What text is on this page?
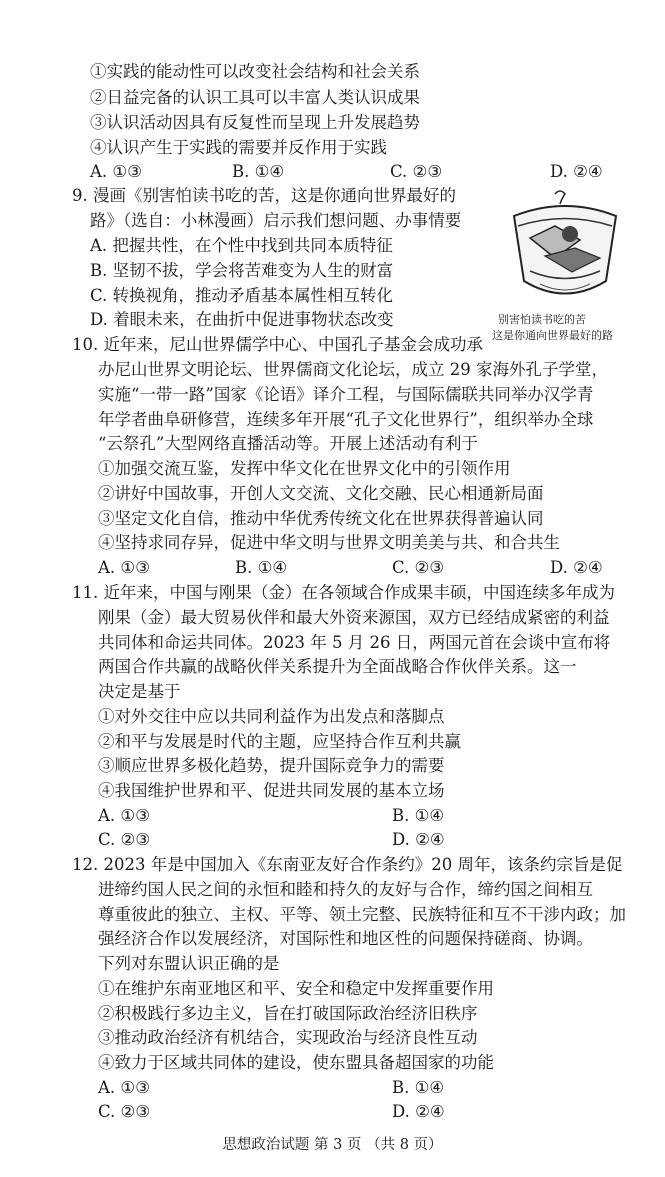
①实践的能动性可以改变社会结构和社会关系
②日益完备的认识工具可以丰富人类认识成果
③认识活动因具有反复性而呈现上升发展趋势
④认识产生于实践的需要并反作用于实践
A. ①③	B. ①④	C. ②③	D. ②④
9. 漫画《别害怕读书吃的苦，这是你通向世界最好的
路》（选自：小林漫画）启示我们想问题、办事情要
A. 把握共性，在个性中找到共同本质特征
B. 坚韧不拔，学会将苦难变为人生的财富
C. 转换视角，推动矛盾基本属性相互转化
D. 着眼未来，在曲折中促进事物状态改变	别害怕读书吃的苦
这是你通向世界最好的路
10. 近年来，尼山世界儒学中心、中国孔子基金会成功承
办尼山世界文明论坛、世界儒商文化论坛，成立 29 家海外孔子学堂，
实施“一带一路”国家《论语》译介工程，与国际儒联共同举办汉学青
年学者曲阜研修营，连续多年开展“孔子文化世界行”，组织举办全球
“云祭孔”大型网络直播活动等。开展上述活动有利于
①加强交流互鉴，发挥中华文化在世界文化中的引领作用
②讲好中国故事，开创人文交流、文化交融、民心相通新局面
③坚定文化自信，推动中华优秀传统文化在世界获得普遍认同
④坚持求同存异，促进中华文明与世界文明美美与共、和合共生
A. ①③	B. ①④	C. ②③	D. ②④
11. 近年来，中国与刚果（金）在各领域合作成果丰硕，中国连续多年成为
刚果（金）最大贸易伙伴和最大外资来源国，双方已经结成紧密的利益
共同体和命运共同体。2023 年 5 月 26 日，两国元首在会谈中宣布将
两国合作共赢的战略伙伴关系提升为全面战略合作伙伴关系。这一
决定是基于
①对外交往中应以共同利益作为出发点和落脚点
②和平与发展是时代的主题，应坚持合作互利共赢
③顺应世界多极化趋势，提升国际竞争力的需要
④我国维护世界和平、促进共同发展的基本立场
A. ①③	B. ①④
C. ②③	D. ②④
12. 2023 年是中国加入《东南亚友好合作条约》20 周年，该条约宗旨是促
进缔约国人民之间的永恒和睦和持久的友好与合作，缔约国之间相互
尊重彼此的独立、主权、平等、领土完整、民族特征和互不干涉内政；加
强经济合作以发展经济，对国际性和地区性的问题保持磋商、协调。
下列对东盟认识正确的是
①在维护东南亚地区和平、安全和稳定中发挥重要作用
②积极践行多边主义，旨在打破国际政治经济旧秩序
③推动政治经济有机结合，实现政治与经济良性互动
④致力于区域共同体的建设，使东盟具备超国家的功能
A. ①③	B. ①④
C. ②③	D. ②④
思想政治试题 第 3 页 （共 8 页）
